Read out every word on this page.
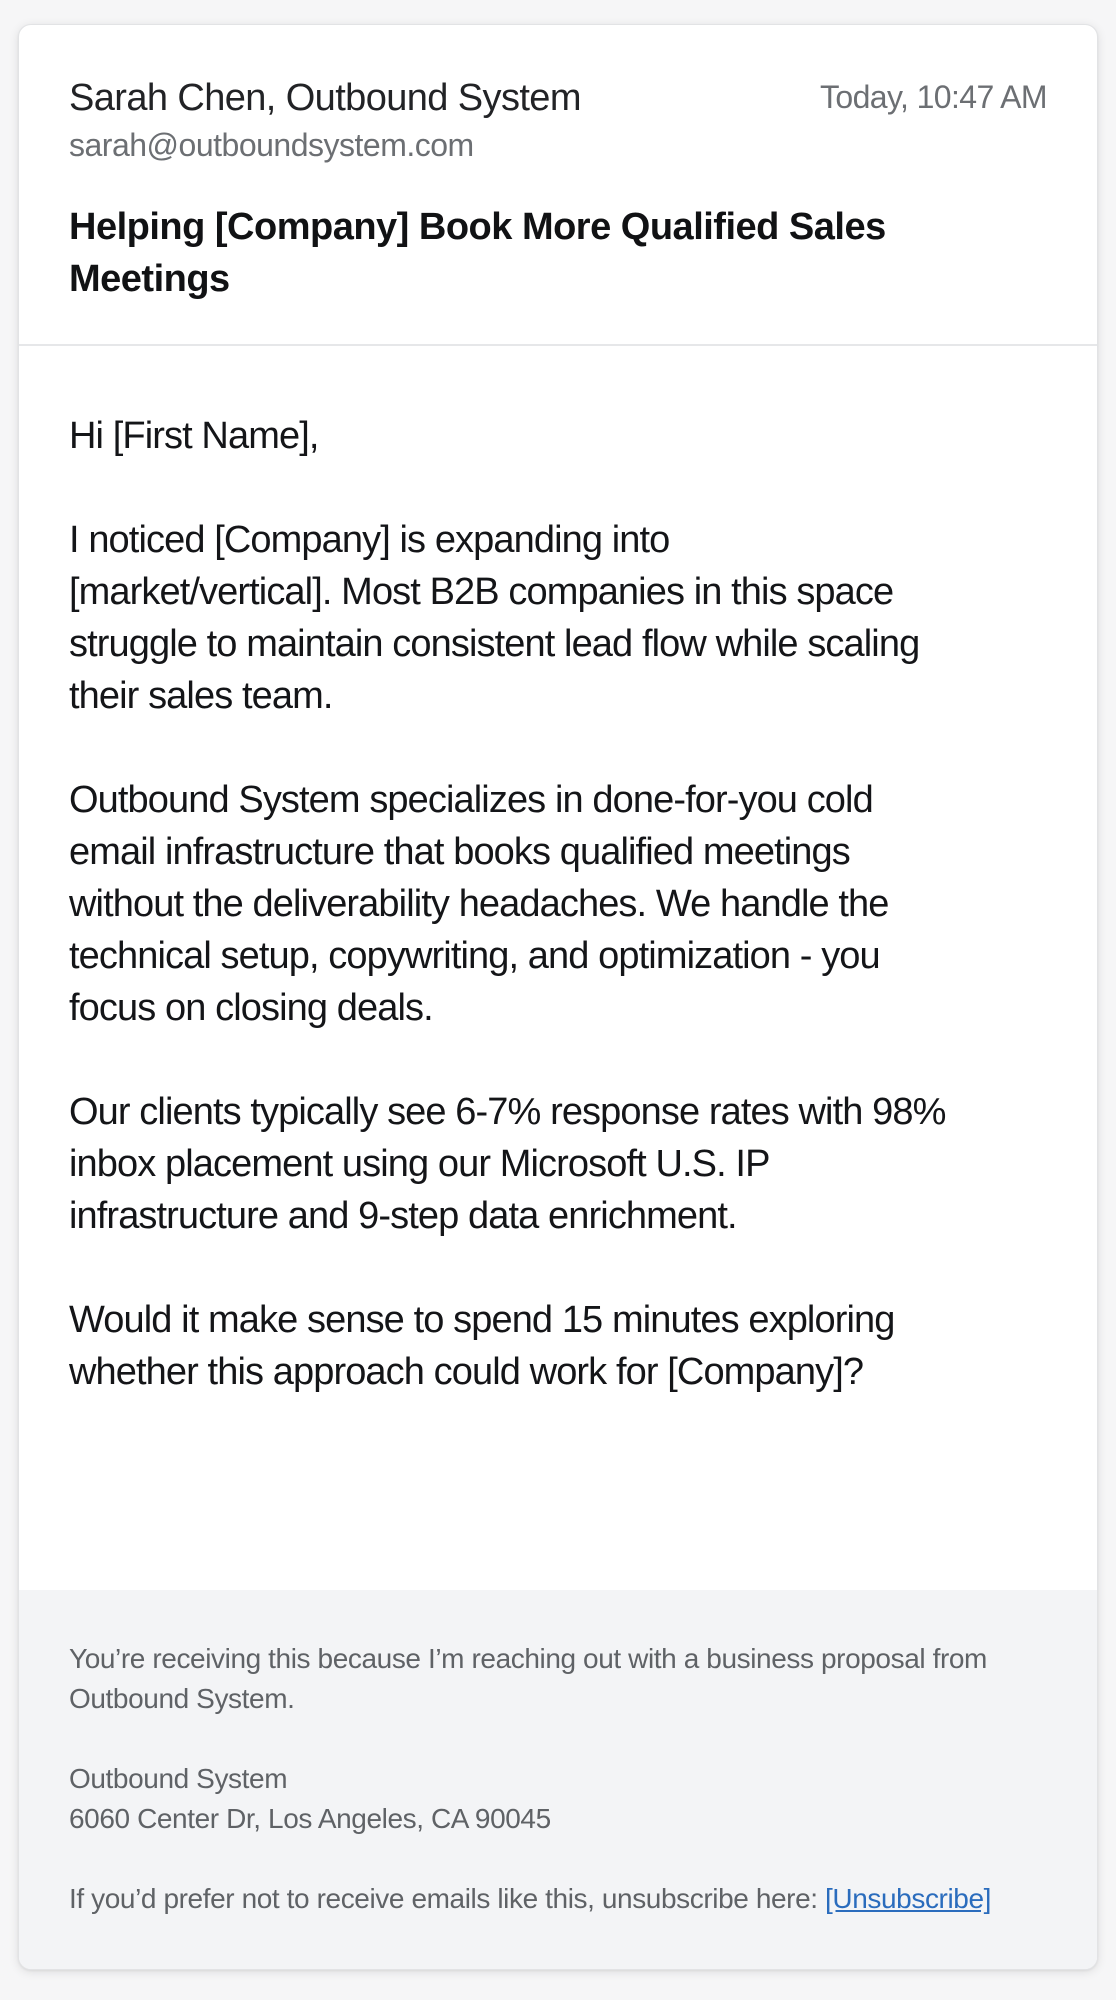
Sarah Chen, Outbound System	Today, 10:47 AM
sarah@outboundsystem.com
Helping [Company] Book More Qualified Sales
Meetings

Hi [First Name],

I noticed [Company] is expanding into
[market/vertical]. Most B2B companies in this space
struggle to maintain consistent lead flow while scaling
their sales team.

Outbound System specializes in done-for-you cold
email infrastructure that books qualified meetings
without the deliverability headaches. We handle the
technical setup, copywriting, and optimization - you
focus on closing deals.

Our clients typically see 6-7% response rates with 98%
inbox placement using our Microsoft U.S. IP
infrastructure and 9-step data enrichment.

Would it make sense to spend 15 minutes exploring
whether this approach could work for [Company]?

You’re receiving this because I’m reaching out with a business proposal from
Outbound System.

Outbound System
6060 Center Dr, Los Angeles, CA 90045

If you’d prefer not to receive emails like this, unsubscribe here: [Unsubscribe]
